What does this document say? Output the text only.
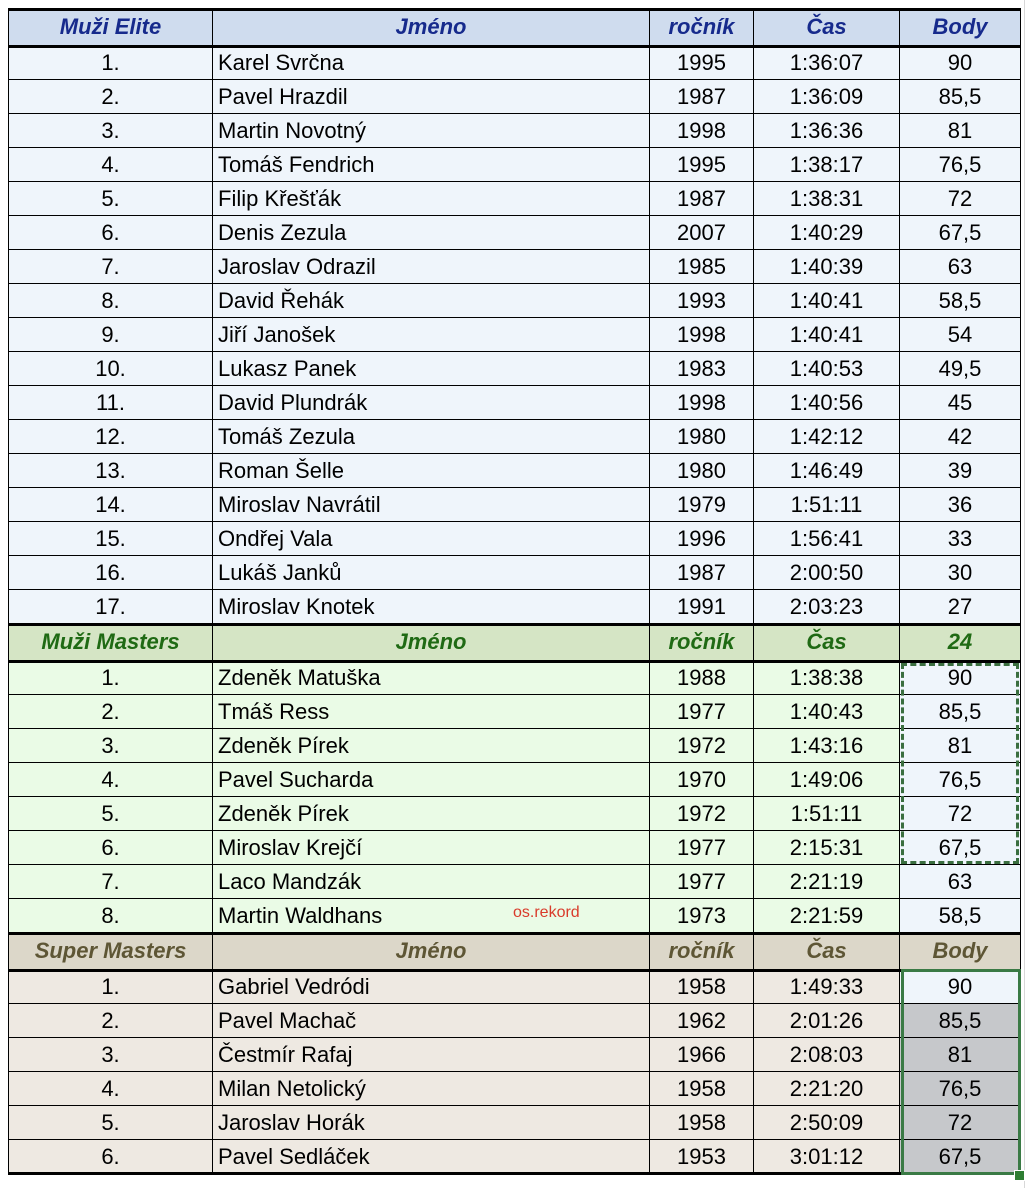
Muži Elite	Jméno	ročník	Čas	Body
1.	Karel Svrčna	1995	1:36:07	90
2.	Pavel Hrazdil	1987	1:36:09	85,5
3.	Martin Novotný	1998	1:36:36	81
4.	Tomáš Fendrich	1995	1:38:17	76,5
5.	Filip Křešťák	1987	1:38:31	72
6.	Denis Zezula	2007	1:40:29	67,5
7.	Jaroslav Odrazil	1985	1:40:39	63
8.	David Řehák	1993	1:40:41	58,5
9.	Jiří Janošek	1998	1:40:41	54
10.	Lukasz Panek	1983	1:40:53	49,5
11.	David Plundrák	1998	1:40:56	45
12.	Tomáš Zezula	1980	1:42:12	42
13.	Roman Šelle	1980	1:46:49	39
14.	Miroslav Navrátil	1979	1:51:11	36
15.	Ondřej Vala	1996	1:56:41	33
16.	Lukáš Janků	1987	2:00:50	30
17.	Miroslav Knotek	1991	2:03:23	27
Muži Masters	Jméno	ročník	Čas	24
1.	Zdeněk Matuška	1988	1:38:38	90
2.	Tmáš Ress	1977	1:40:43	85,5
3.	Zdeněk Pírek	1972	1:43:16	81
4.	Pavel Sucharda	1970	1:49:06	76,5
5.	Zdeněk Pírek	1972	1:51:11	72
6.	Miroslav Krejčí	1977	2:15:31	67,5
7.	Laco Mandzák	1977	2:21:19	63
8.	Martin Waldhans os.rekord	1973	2:21:59	58,5
Super Masters	Jméno	ročník	Čas	Body
1.	Gabriel Vedródi	1958	1:49:33	90
2.	Pavel Machač	1962	2:01:26	85,5
3.	Čestmír Rafaj	1966	2:08:03	81
4.	Milan Netolický	1958	2:21:20	76,5
5.	Jaroslav Horák	1958	2:50:09	72
6.	Pavel Sedláček	1953	3:01:12	67,5
